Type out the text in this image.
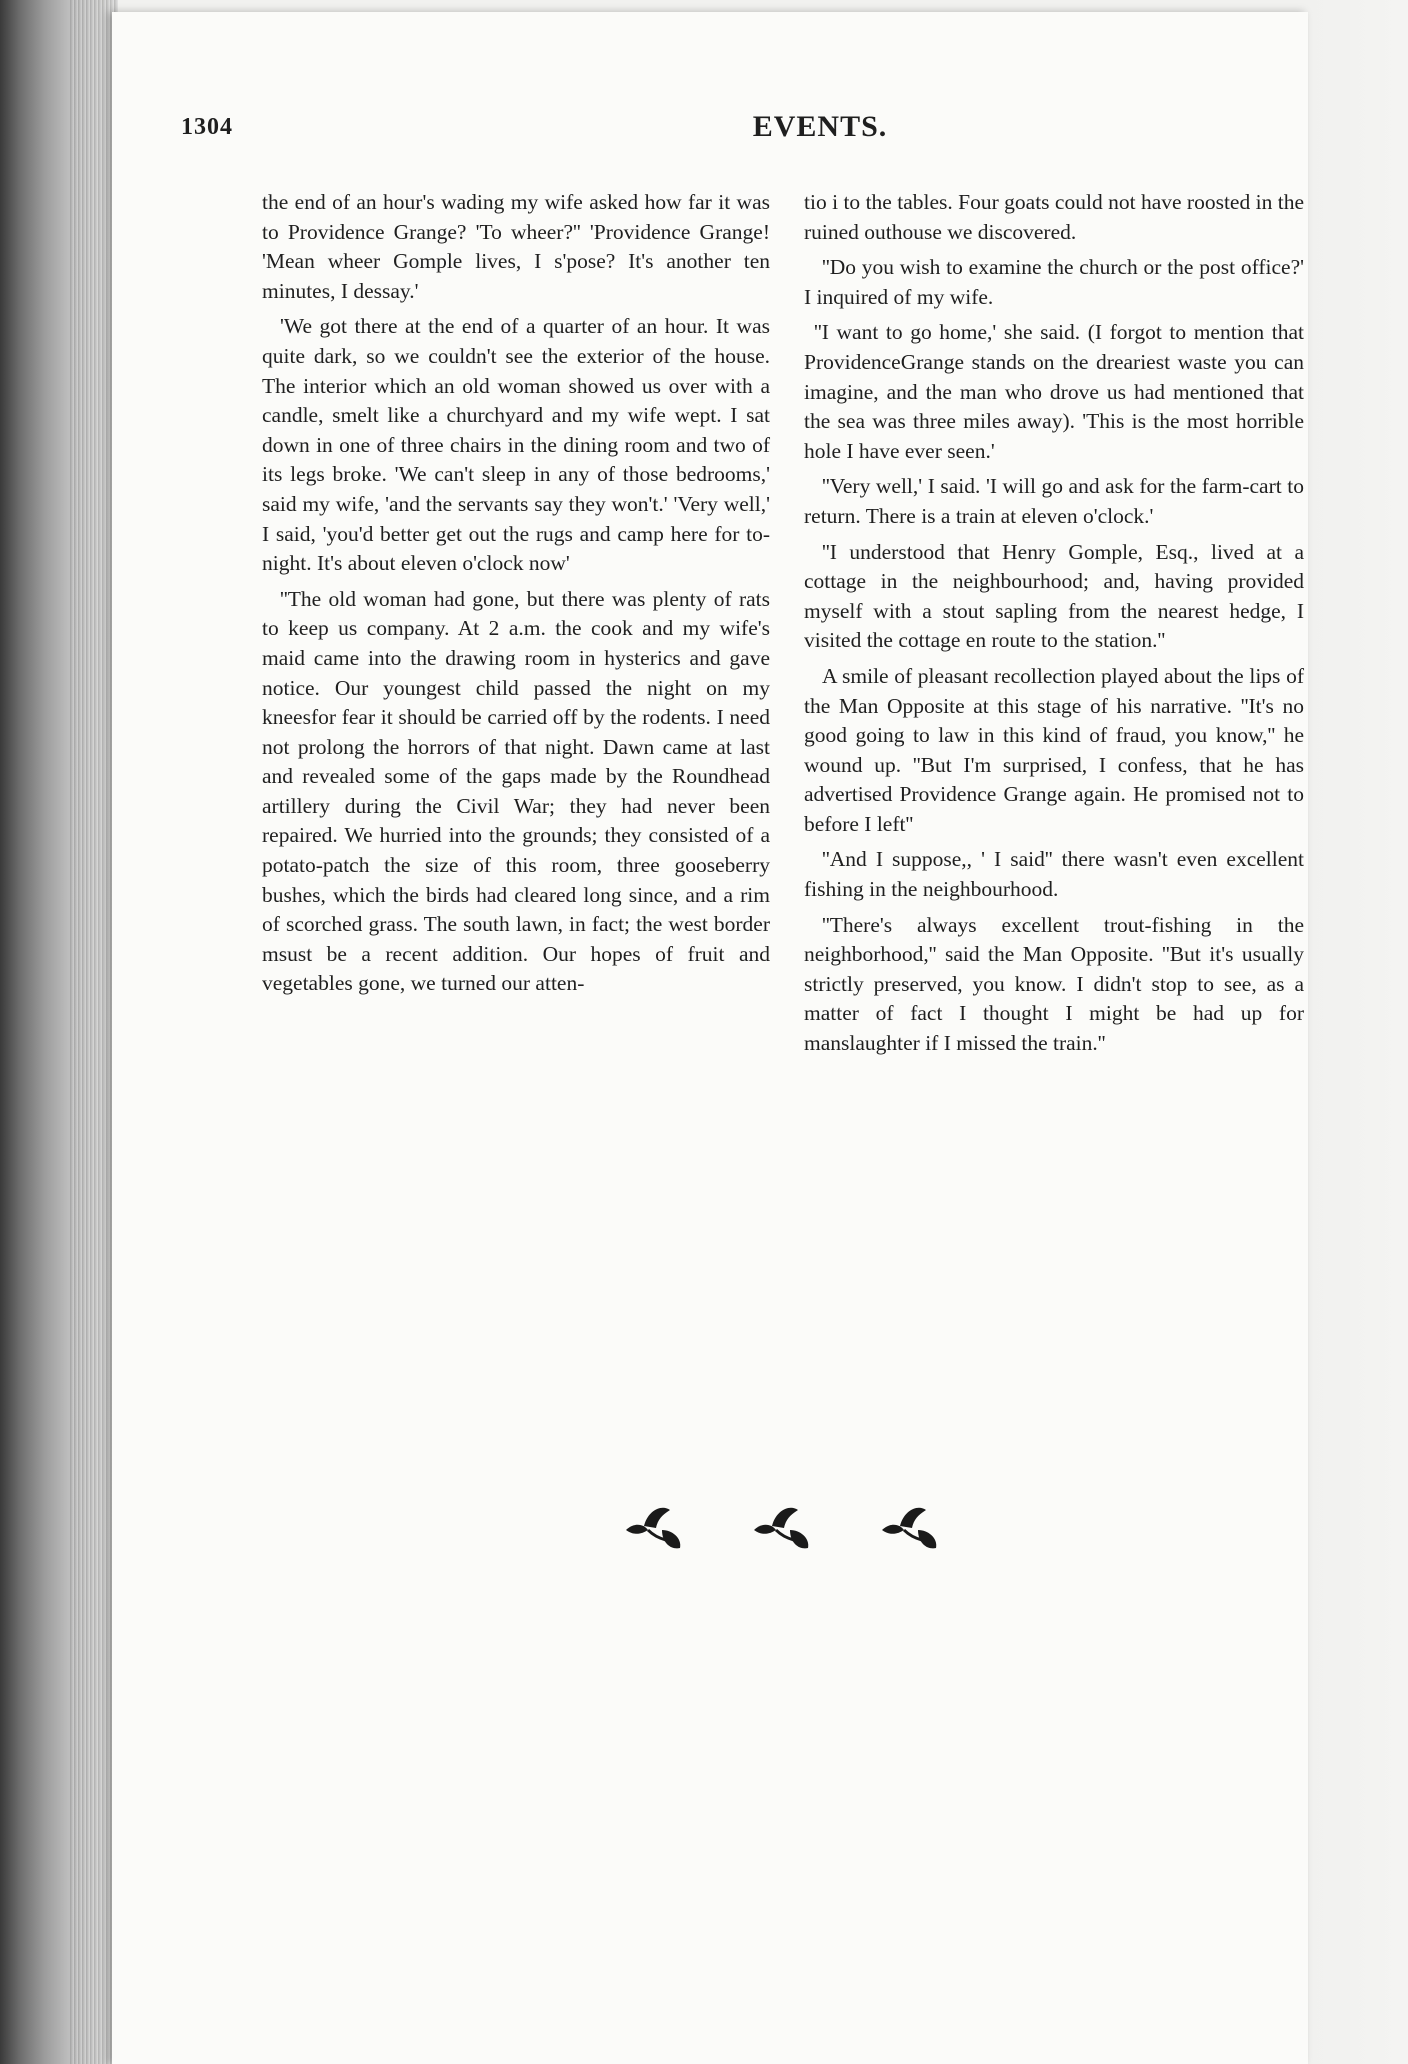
1304	EVENTS.

the end of an hour's wading my wife asked how far it was to Providence Grange? 'To wheer?'' 'Providence Grange! 'Mean wheer Gomple lives, I s'pose? It's another ten minutes, I dessay.'

'We got there at the end of a quarter of an hour. It was quite dark, so we couldn't see the exterior of the house. The interior which an old woman showed us over with a candle, smelt like a churchyard and my wife wept. I sat down in one of three chairs in the dining room and two of its legs broke. 'We can't sleep in any of those bedrooms,' said my wife, 'and the servants say they won't.' 'Very well,' I said, 'you'd better get out the rugs and camp here for to-night. It's about eleven o'clock now'

''The old woman had gone, but there was plenty of rats to keep us company. At 2 a.m. the cook and my wife's maid came into the drawing room in hysterics and gave notice. Our youngest child passed the night on my kneesfor fear it should be carried off by the rodents. I need not prolong the horrors of that night. Dawn came at last and revealed some of the gaps made by the Roundhead artillery during the Civil War; they had never been repaired. We hurried into the grounds; they consisted of a potato-patch the size of this room, three gooseberry bushes, which the birds had cleared long since, and a rim of scorched grass. The south lawn, in fact; the west border msust be a recent addition. Our hopes of fruit and vegetables gone, we turned our atten-

tio i to the tables. Four goats could not have roosted in the ruined outhouse we discovered.

''Do you wish to examine the church or the post office?' I inquired of my wife.

''I want to go home,' she said. (I forgot to mention that ProvidenceGrange stands on the dreariest waste you can imagine, and the man who drove us had mentioned that the sea was three miles away). 'This is the most horrible hole I have ever seen.'

''Very well,' I said. 'I will go and ask for the farm-cart to return. There is a train at eleven o'clock.'

''I understood that Henry Gomple, Esq., lived at a cottage in the neighbourhood; and, having provided myself with a stout sapling from the nearest hedge, I visited the cottage en route to the station.''

A smile of pleasant recollection played about the lips of the Man Opposite at this stage of his narrative. ''It's no good going to law in this kind of fraud, you know,'' he wound up. ''But I'm surprised, I confess, that he has advertised Providence Grange again. He promised not to before I left''

''And I suppose,, ' I said'' there wasn't even excellent fishing in the neighbourhood.

''There's always excellent trout-fishing in the neighborhood,'' said the Man Opposite. ''But it's usually strictly preserved, you know. I didn't stop to see, as a matter of fact I thought I might be had up for manslaughter if I missed the train.''
